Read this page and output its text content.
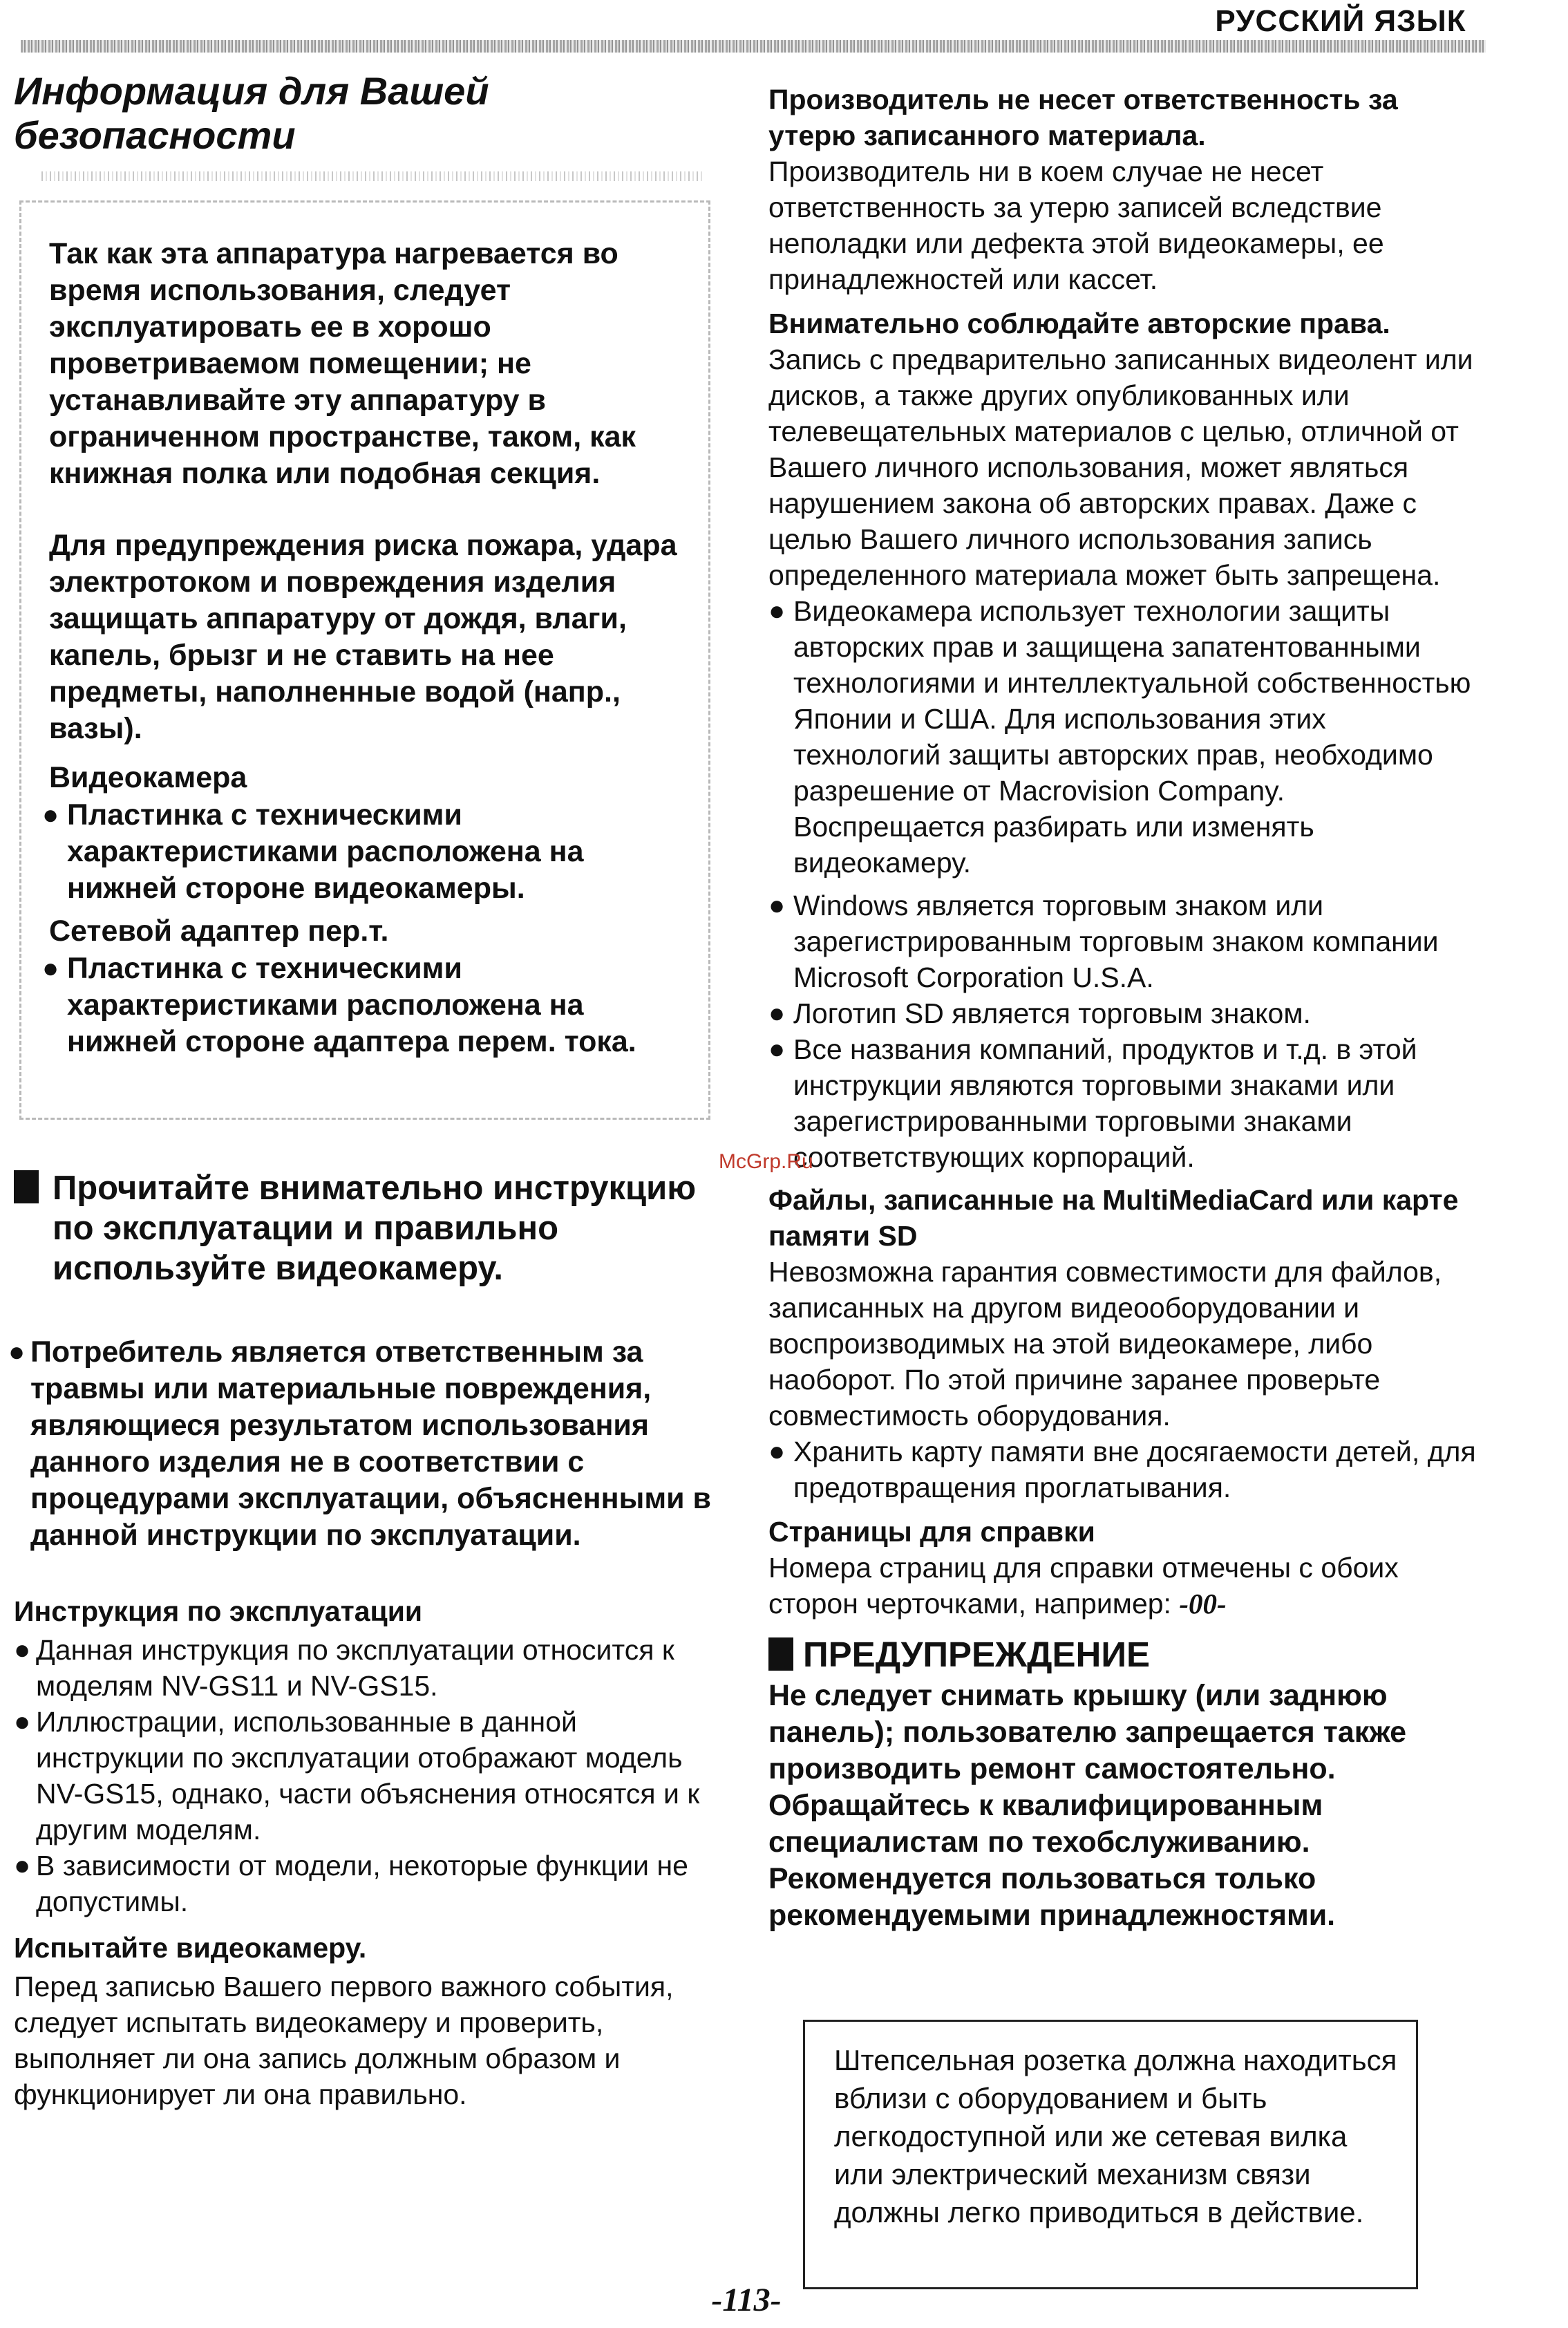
РУССКИЙ ЯЗЫК
Информация для Вашей
безопасности
Так как эта аппаратура нагревается во время использования, следует эксплуатировать ее в хорошо проветриваемом помещении; не устанавливайте эту аппаратуру в ограниченном пространстве, таком, как книжная полка или подобная секция.
Для предупреждения риска пожара, удара электротоком и повреждения изделия защищать аппаратуру от дождя, влаги, капель, брызг и не ставить на нее предметы, наполненные водой (напр., вазы).
Видеокамера
● Пластинка с техническими характеристиками расположена на нижней стороне видеокамеры.
Сетевой адаптер пер.т.
● Пластинка с техническими характеристиками расположена на нижней стороне адаптера перем. тока.
Прочитайте внимательно инструкцию по эксплуатации и правильно используйте видеокамеру.
● Потребитель является ответственным за травмы или материальные повреждения, являющиеся результатом использования данного изделия не в соответствии с процедурами эксплуатации, объясненными в данной инструкции по эксплуатации.
Инструкция по эксплуатации
● Данная инструкция по эксплуатации относится к моделям NV-GS11 и NV-GS15.
● Иллюстрации, использованные в данной инструкции по эксплуатации отображают модель NV-GS15, однако, части объяснения относятся и к другим моделям.
● В зависимости от модели, некоторые функции не допустимы.
Испытайте видеокамеру.
Перед записью Вашего первого важного события, следует испытать видеокамеру и проверить, выполняет ли она запись должным образом и функционирует ли она правильно.
Производитель не несет ответственность за утерю записанного материала.
Производитель ни в коем случае не несет ответственность за утерю записей вследствие неполадки или дефекта этой видеокамеры, ее принадлежностей или кассет.
Внимательно соблюдайте авторские права.
Запись с предварительно записанных видеолент или дисков, а также других опубликованных или телевещательных материалов с целью, отличной от Вашего личного использования, может являться нарушением закона об авторских правах. Даже с целью Вашего личного использования запись определенного материала может быть запрещена.
● Видеокамера использует технологии защиты авторских прав и защищена запатентованными технологиями и интеллектуальной собственностью Японии и США. Для использования этих технологий защиты авторских прав, необходимо разрешение от Macrovision Company. Воспрещается разбирать или изменять видеокамеру.
● Windows является торговым знаком или зарегистрированным торговым знаком компании Microsoft Corporation U.S.A.
● Логотип SD является торговым знаком.
● Все названия компаний, продуктов и т.д. в этой инструкции являются торговыми знаками или зарегистрированными торговыми знаками соответствующих корпораций.
Файлы, записанные на MultiMediaCard или карте памяти SD
Невозможна гарантия совместимости для файлов, записанных на другом видеооборудовании и воспроизводимых на этой видеокамере, либо наоборот. По этой причине заранее проверьте совместимость оборудования.
● Хранить карту памяти вне досягаемости детей, для предотвращения проглатывания.
Страницы для справки
Номера страниц для справки отмечены с обоих сторон черточками, например: -00-
ПРЕДУПРЕЖДЕНИЕ
Не следует снимать крышку (или заднюю панель); пользователю запрещается также производить ремонт самостоятельно. Обращайтесь к квалифицированным специалистам по техобслуживанию. Рекомендуется пользоваться только рекомендуемыми принадлежностями.
Штепсельная розетка должна находиться вблизи с оборудованием и быть легкодоступной или же сетевая вилка или электрический механизм связи должны легко приводиться в действие.
McGrp.Ru
-113-
